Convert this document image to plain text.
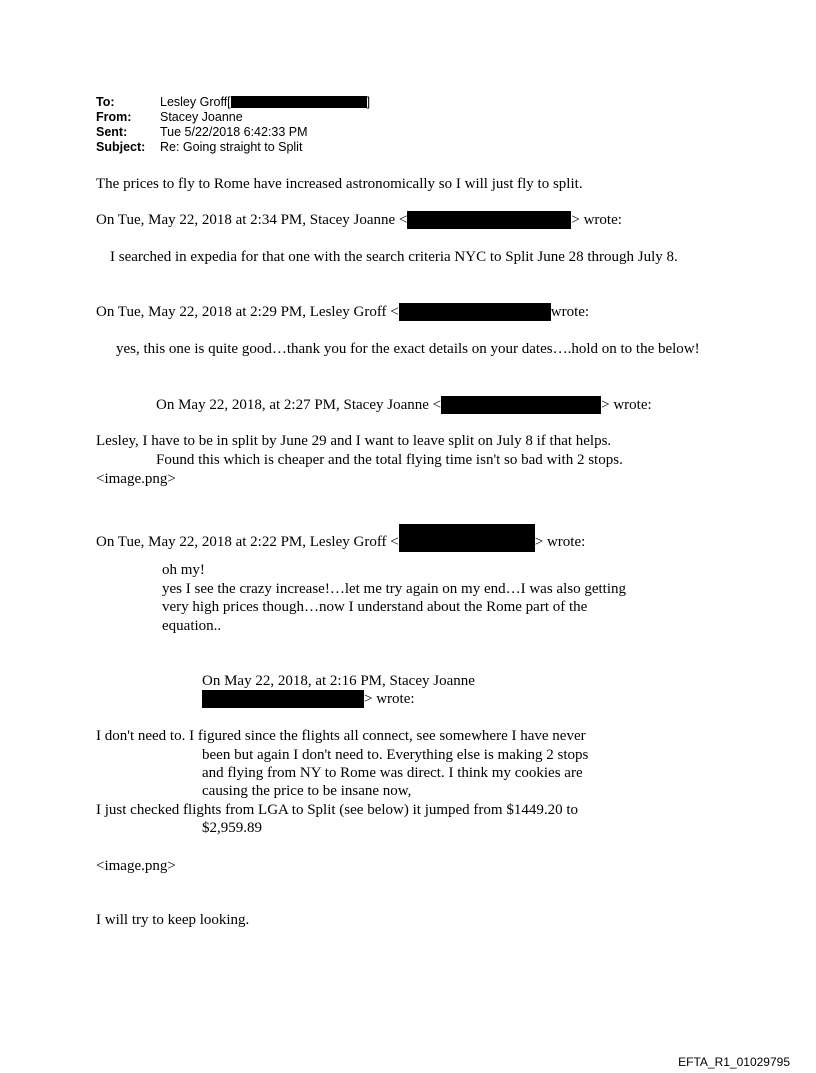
To:	Lesley Groff[	]
From: Stacey Joanne
Sent:	Tue 5/22/2018 6:42:33 PM
Subject: Re: Going straight to Split
The prices to fly to Rome have increased astronomically so I will just fly to split.
On Tue, May 22, 2018 at 2:34 PM, Stacey Joanne <	> wrote:
I searched in expedia for that one with the search criteria NYC to Split June 28 through July 8.
On Tue, May 22, 2018 at 2:29 PM, Lesley Groff <	wrote:
yes, this one is quite good…thank you for the exact details on your dates….hold on to the below!
On May 22, 2018, at 2:27 PM, Stacey Joanne <	> wrote:
Lesley, I have to be in split by June 29 and I want to leave split on July 8 if that helps.
Found this which is cheaper and the total flying time isn't so bad with 2 stops.
<image.png>
On Tue, May 22, 2018 at 2:22 PM, Lesley Groff <	> wrote:
oh my!
yes I see the crazy increase!…let me try again on my end…I was also getting
very high prices though…now I understand about the Rome part of the
equation..
On May 22, 2018, at 2:16 PM, Stacey Joanne
> wrote:
I don't need to. I figured since the flights all connect, see somewhere I have never
been but again I don't need to. Everything else is making 2 stops
and flying from NY to Rome was direct. I think my cookies are
causing the price to be insane now,
I just checked flights from LGA to Split (see below) it jumped from $1449.20 to
$2,959.89
<image.png>
I will try to keep looking.
EFTA_R1_01029795
